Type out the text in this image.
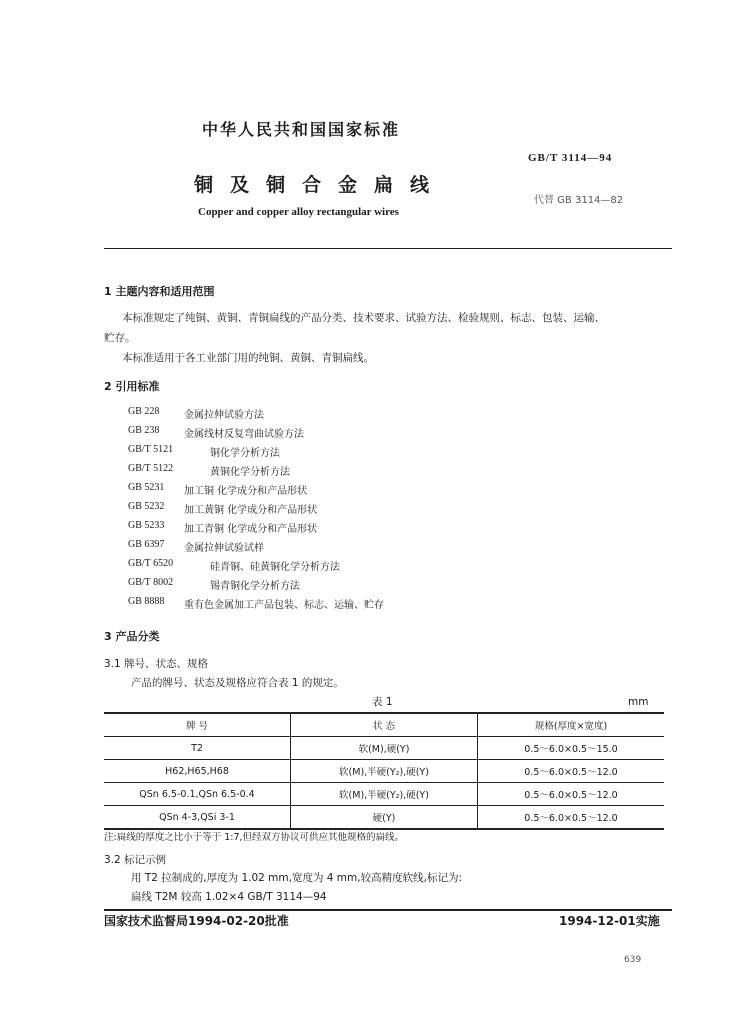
中华人民共和国国家标准
铜及铜合金扁线
Copper and copper alloy rectangular wires
GB/T 3114—94
代替 GB 3114—82
1 主题内容和适用范围
本标准规定了纯铜、黄铜、青铜扁线的产品分类、技术要求、试验方法、检验规则、标志、包装、运输、
贮存。
本标准适用于各工业部门用的纯铜、黄铜、青铜扁线。
2 引用标准
GB 228 金属拉伸试验方法
GB 238 金属线材反复弯曲试验方法
GB/T 5121	铜化学分析方法
GB/T 5122	黄铜化学分析方法
GB 5231 加工铜 化学成分和产品形状
GB 5232 加工黄铜 化学成分和产品形状
GB 5233 加工青铜 化学成分和产品形状
GB 6397 金属拉伸试验试样
GB/T 6520	硅青铜、硅黄铜化学分析方法
GB/T 8002	锡青铜化学分析方法
GB 8888 重有色金属加工产品包装、标志、运输、贮存
3 产品分类
3.1 牌号、状态、规格
产品的牌号、状态及规格应符合表 1 的规定。
表 1	mm
牌 号	状 态	规格(厚度×宽度)
T2	软(M),硬(Y)	0.5～6.0×0.5～15.0
H62,H65,H68	软(M),半硬(Y₂),硬(Y)	0.5～6.0×0.5～12.0
QSn 6.5-0.1,QSn 6.5-0.4	软(M),半硬(Y₂),硬(Y)	0.5～6.0×0.5～12.0
QSn 4-3,QSi 3-1	硬(Y)	0.5～6.0×0.5～12.0
注:扁线的厚度之比小于等于 1:7,但经双方协议可供应其他规格的扁线。
3.2 标记示例
用 T2 拉制成的,厚度为 1.02 mm,宽度为 4 mm,较高精度软线,标记为:
扁线 T2M 较高 1.02×4 GB/T 3114—94
国家技术监督局1994-02-20批准	1994-12-01实施
639
